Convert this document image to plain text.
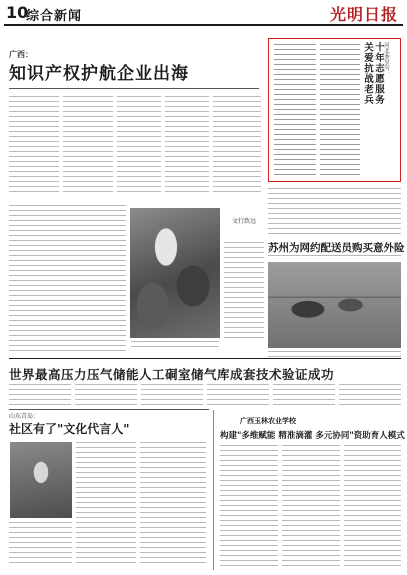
10
综合新闻	光明日报
广西：
知识产权护航企业出海	河北秦皇岛：
十年志愿服务
关爱抗战老兵
文行致远
苏州为网约配送员购买意外险
世界最高压力压气储能人工硐室储气库成套技术验证成功
山东青岛：
社区有了"文化代言人"
广西玉林农业学校
构建"多维赋能 精准滴灌 多元协同"资助育人模式
